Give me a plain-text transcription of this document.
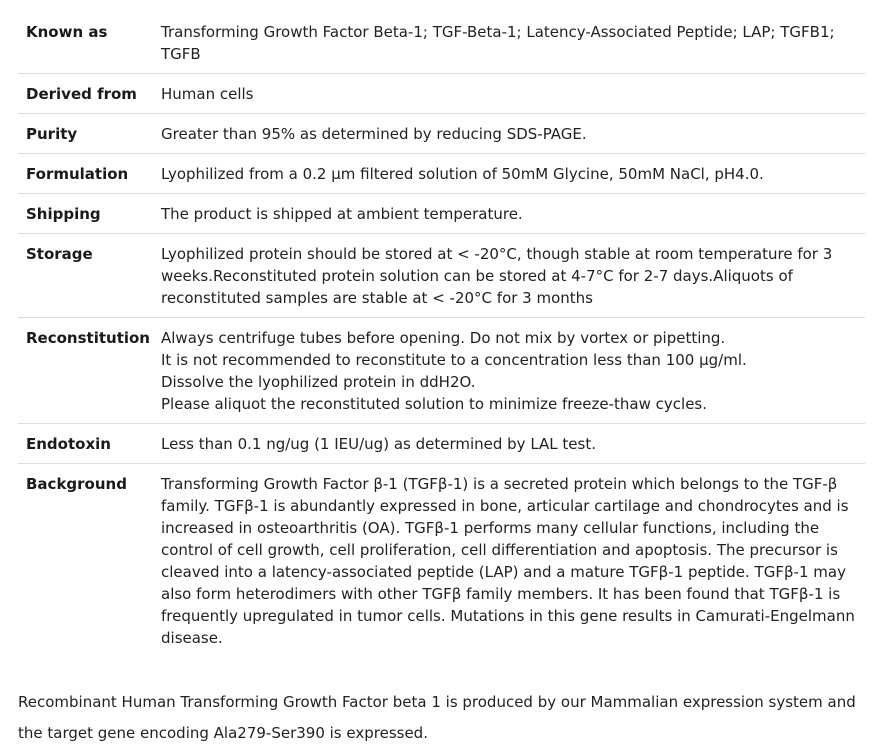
Known as	Transforming Growth Factor Beta-1; TGF-Beta-1; Latency-Associated Peptide; LAP; TGFB1; TGFB
Derived from	Human cells
Purity	Greater than 95% as determined by reducing SDS-PAGE.
Formulation	Lyophilized from a 0.2 μm filtered solution of 50mM Glycine, 50mM NaCl, pH4.0.
Shipping	The product is shipped at ambient temperature.
Storage	Lyophilized protein should be stored at < -20°C, though stable at room temperature for 3 weeks.Reconstituted protein solution can be stored at 4-7°C for 2-7 days.Aliquots of reconstituted samples are stable at < -20°C for 3 months
Reconstitution	Always centrifuge tubes before opening. Do not mix by vortex or pipetting.
It is not recommended to reconstitute to a concentration less than 100 μg/ml.
Dissolve the lyophilized protein in ddH2O.
Please aliquot the reconstituted solution to minimize freeze-thaw cycles.

Endotoxin	Less than 0.1 ng/ug (1 IEU/ug) as determined by LAL test.
Background	Transforming Growth Factor β-1 (TGFβ-1) is a secreted protein which belongs to the TGF-β family. TGFβ-1 is abundantly expressed in bone, articular cartilage and chondrocytes and is increased in osteoarthritis (OA). TGFβ-1 performs many cellular functions, including the control of cell growth, cell proliferation, cell differentiation and apoptosis. The precursor is cleaved into a latency-associated peptide (LAP) and a mature TGFβ-1 peptide. TGFβ-1 may also form heterodimers with other TGFβ family members. It has been found that TGFβ-1 is frequently upregulated in tumor cells. Mutations in this gene results in Camurati-Engelmann disease.

Recombinant Human Transforming Growth Factor beta 1 is produced by our Mammalian expression system and the target gene encoding Ala279-Ser390 is expressed.
